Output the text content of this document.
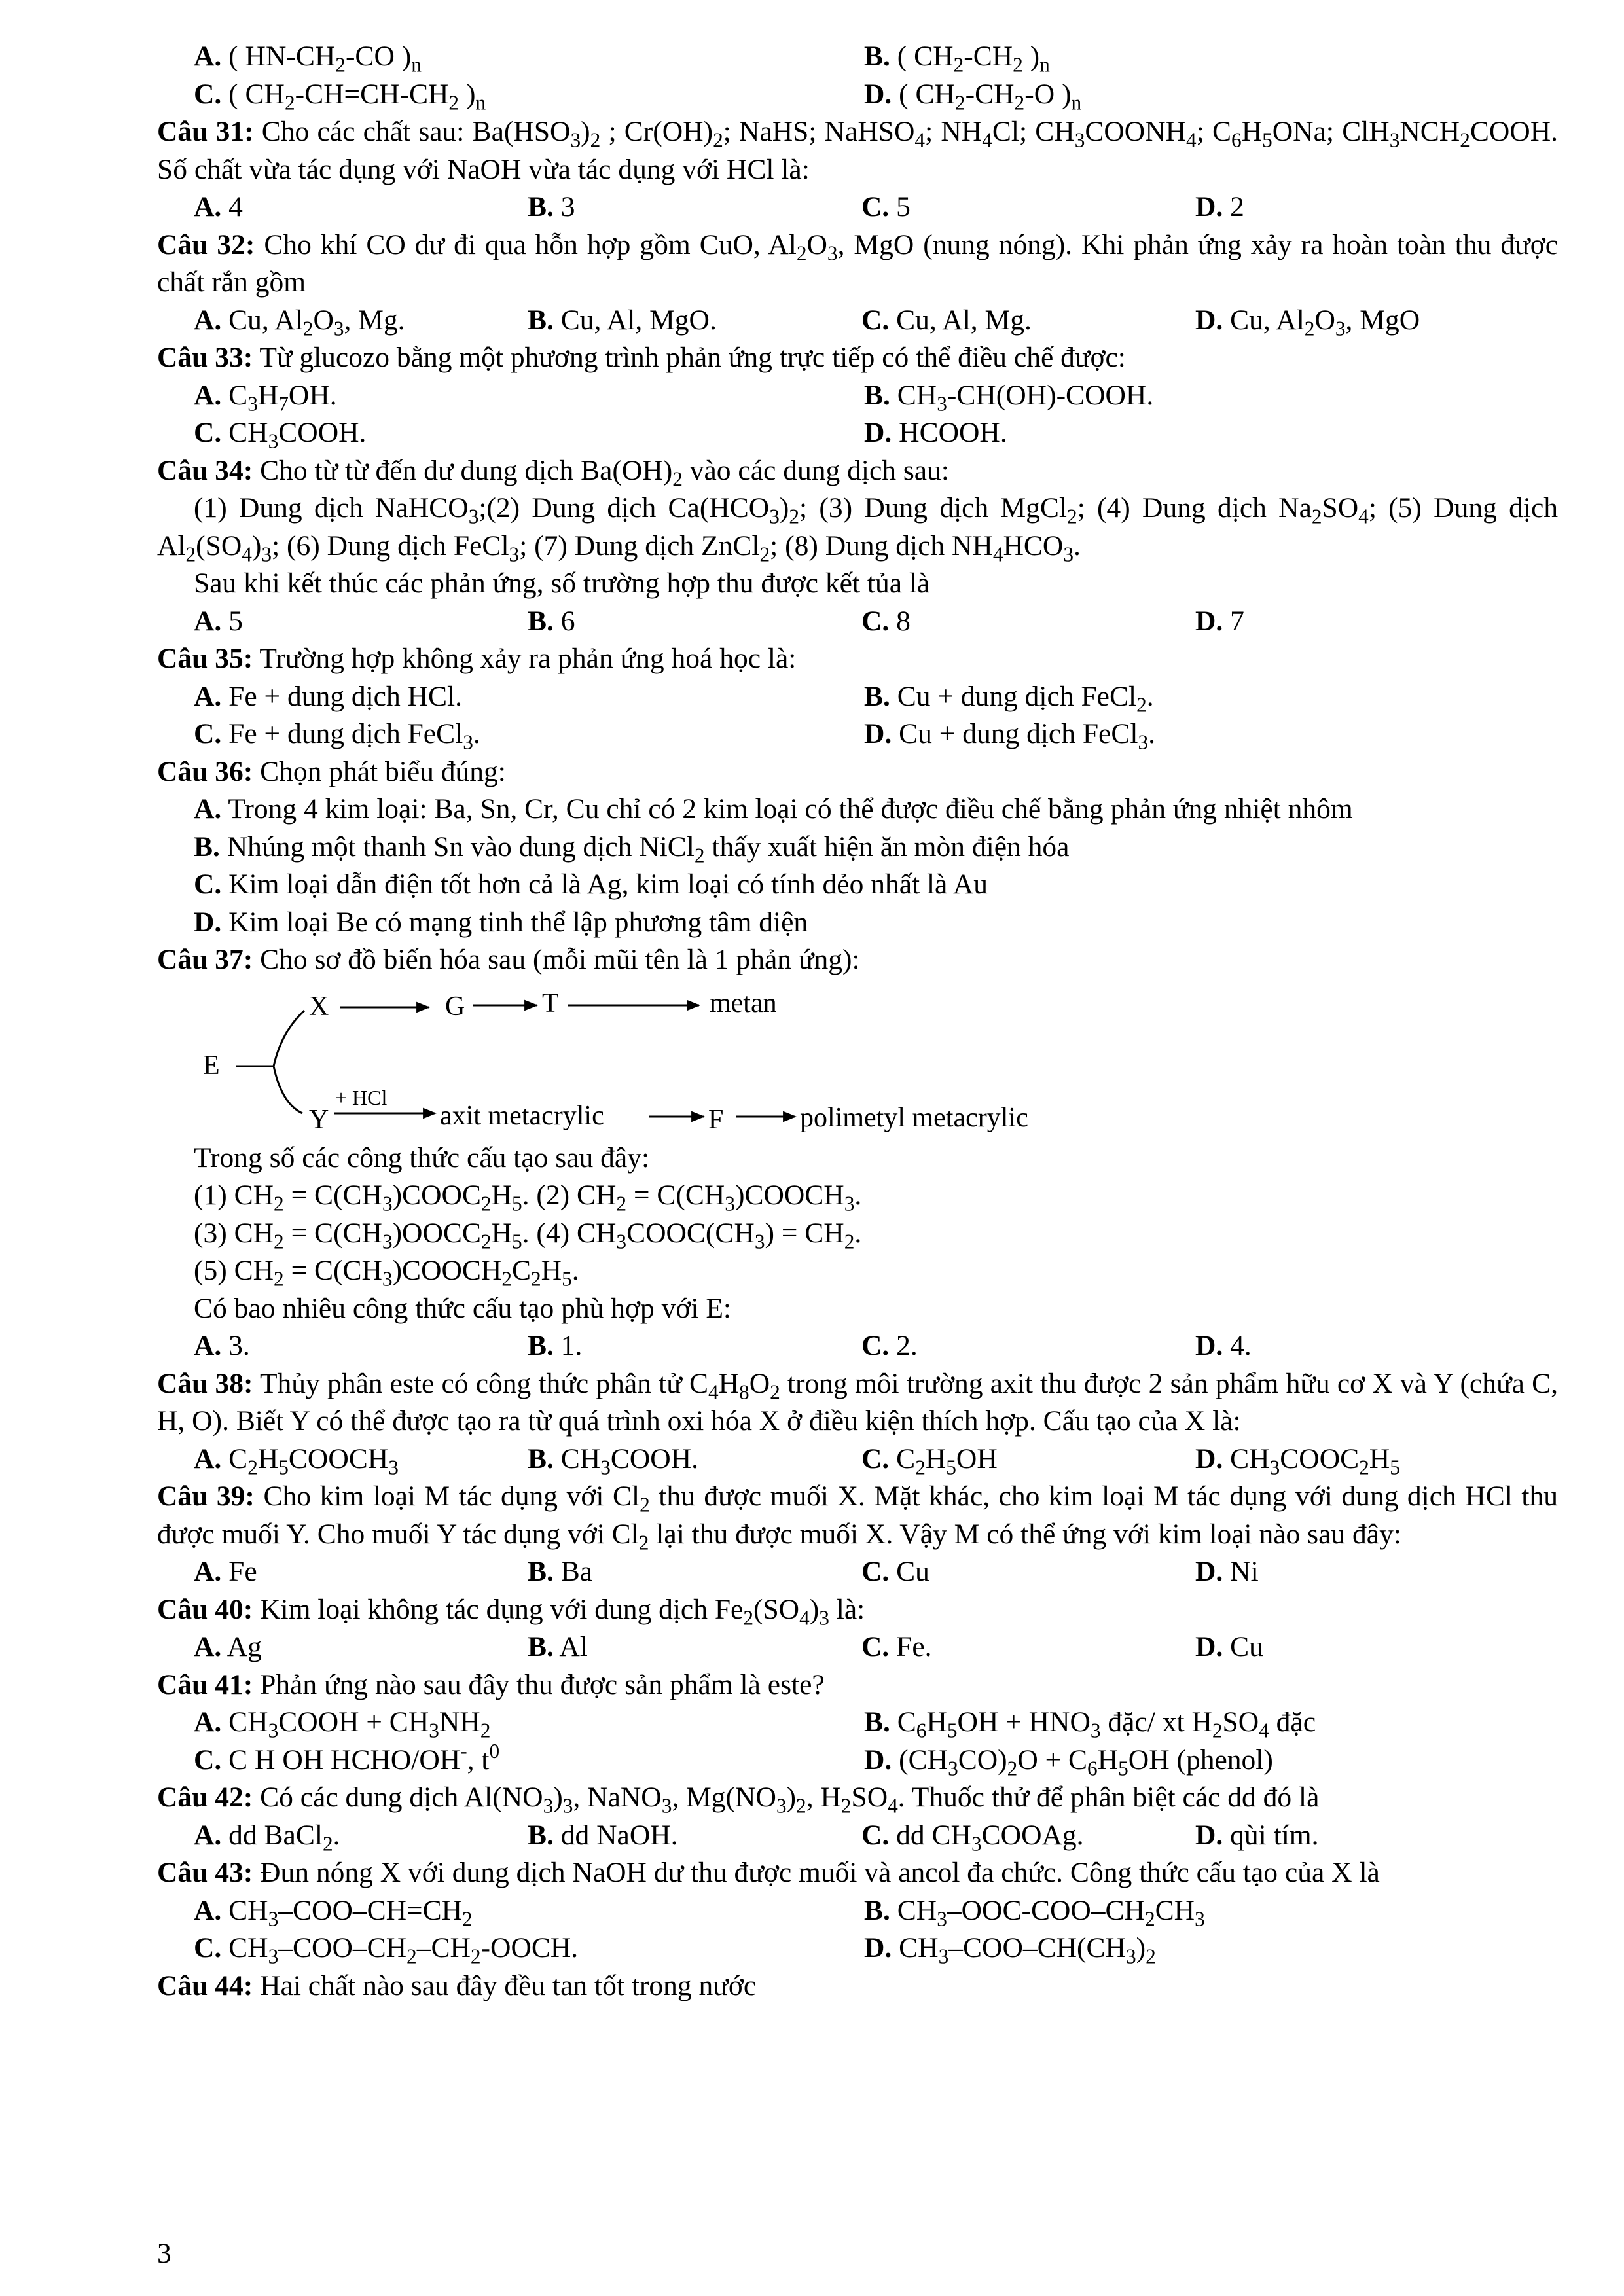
A. ( $HN-CH_2-CO$ )$_n$	B. ( $CH_2-CH_2$ )$_n$
C. ( $CH_2-CH=CH-CH_2$ )$_n$	D. ( $CH_2-CH_2-O$ )$_n$
Câu 31: Cho các chất sau: $Ba(HSO_3)_2$ ; $Cr(OH)_2$; NaHS; NaHSO$_4$; $NH_4Cl$; $CH_3COONH_4$; $C_6H_5ONa$; $ClH_3NCH_2COOH$. Số chất vừa tác dụng với NaOH vừa tác dụng với HCl là:
A. 4	B. 3	C. 5	D. 2
Câu 32: Cho khí CO dư đi qua hỗn hợp gồm CuO, $Al_2O_3$, MgO (nung nóng). Khi phản ứng xảy ra hoàn toàn thu được chất rắn gồm
A. Cu, $Al_2O_3$, Mg.	B. Cu, Al, MgO.	C. Cu, Al, Mg.	D. Cu, $Al_2O_3$, MgO
Câu 33: Từ glucozo bằng một phương trình phản ứng trực tiếp có thể điều chế được:
A. $C_3H_7OH$.	B. $CH_3-CH(OH)$-COOH.
C. $CH_3COOH$.	D. HCOOH.
Câu 34: Cho từ từ đến dư dung dịch $Ba(OH)_2$ vào các dung dịch sau:
(1) Dung dịch NaHCO$_3$;(2) Dung dịch $Ca(HCO_3)_2$; (3) Dung dịch MgCl$_2$; (4) Dung dịch $Na_2SO_4$; (5) Dung dịch $Al_2(SO_4)_3$; (6) Dung dịch FeCl$_3$; (7) Dung dịch ZnCl$_2$; (8) Dung dịch $NH_4HCO_3$.
Sau khi kết thúc các phản ứng, số trường hợp thu được kết tủa là
A. 5	B. 6	C. 8	D. 7
Câu 35: Trường hợp không xảy ra phản ứng hoá học là:
A. Fe + dung dịch HCl.	B. Cu + dung dịch FeCl$_2$.
C. Fe + dung dịch FeCl$_3$.	D. Cu + dung dịch FeCl$_3$.
Câu 36: Chọn phát biểu đúng:
A. Trong 4 kim loại: Ba, Sn, Cr, Cu chỉ có 2 kim loại có thể được điều chế bằng phản ứng nhiệt nhôm
B. Nhúng một thanh Sn vào dung dịch NiCl$_2$ thấy xuất hiện ăn mòn điện hóa
C. Kim loại dẫn điện tốt hơn cả là Ag, kim loại có tính dẻo nhất là Au
D. Kim loại Be có mạng tinh thể lập phương tâm diện
Câu 37: Cho sơ đồ biến hóa sau (mỗi mũi tên là 1 phản ứng):
X	G	T	metan
E
Y
+ HCl
axit metacrylic	F	polimetyl metacrylic
Trong số các công thức cấu tạo sau đây:
(1) $CH_2$ = $C(CH_3)COOC_2H_5$. (2) $CH_2$ = $C(CH_3)COOCH_3$.
(3) $CH_2$ = $C(CH_3)OOCC_2H_5$. (4) $CH_3COOC(CH_3) = CH_2$.
(5) $CH_2$ = $C(CH_3)COOCH_2C_2H_5$.
Có bao nhiêu công thức cấu tạo phù hợp với E:
A. 3.	B. 1.	C. 2.	D. 4.
Câu 38: Thủy phân este có công thức phân tử $C_4H_8O_2$ trong môi trường axit thu được 2 sản phẩm hữu cơ X và Y (chứa C, H, O). Biết Y có thể được tạo ra từ quá trình oxi hóa X ở điều kiện thích hợp. Cấu tạo của X là:
A. $C_2H_5COOCH_3$	B. $CH_3COOH$.	C. $C_2H_5OH$	D. $CH_3COOC_2H_5$
Câu 39: Cho kim loại M tác dụng với $Cl_2$ thu được muối X. Mặt khác, cho kim loại M tác dụng với dung dịch HCl thu được muối Y. Cho muối Y tác dụng với $Cl_2$ lại thu được muối X. Vậy M có thể ứng với kim loại nào sau đây:
A. Fe	B. Ba	C. Cu	D. Ni
Câu 40: Kim loại không tác dụng với dung dịch $Fe_2(SO_4)_3$ là:
A. Ag	B. Al	C. Fe.	D. Cu
Câu 41: Phản ứng nào sau đây thu được sản phẩm là este?
A. $CH_3COOH + CH_3NH_2$	B. $C_6H_5OH + HNO_3$ đặc/ xt $H_2SO_4$ đặc
C. C H OH HCHO/OH-, $t^0$	D. $(CH_3CO)_2O + C_6H_5OH$ (phenol)
Câu 42: Có các dung dịch $Al(NO_3)_3$, NaNO$_3$, $Mg(NO_3)_2$, $H_2SO_4$. Thuốc thử để phân biệt các dd đó là
A. dd BaCl$_2$.	B. dd NaOH.	C. dd $CH_3COOAg$.	D. qùi tím.
Câu 43: Đun nóng X với dung dịch NaOH dư thu được muối và ancol đa chức. Công thức cấu tạo của X là
A. $CH_3-COO-CH=CH_2$	B. $CH_3-OOC-COO-CH_2CH_3$
C. $CH_3-COO-CH_2-CH_2$-OOCH.	D. $CH_3-COO-CH(CH_3)_2$
Câu 44: Hai chất nào sau đây đều tan tốt trong nước
3
